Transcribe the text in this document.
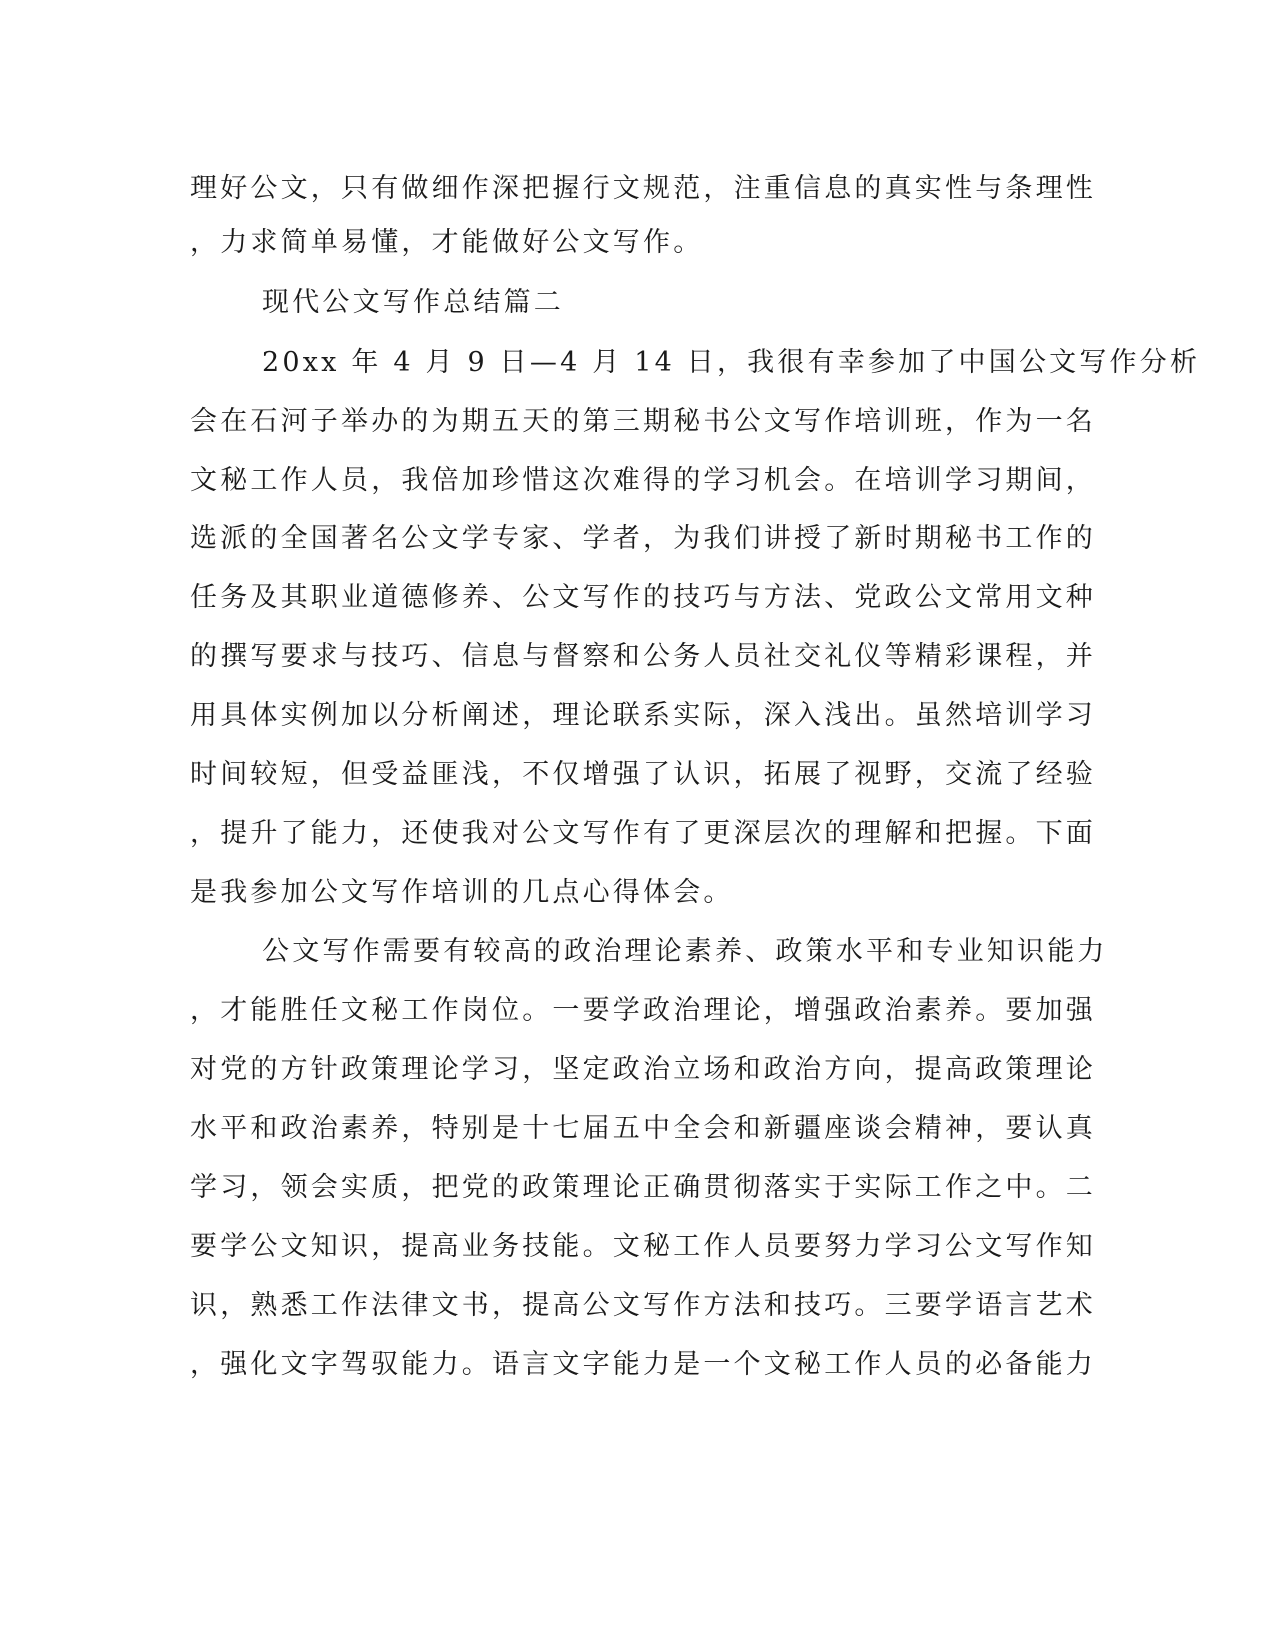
理好公文，只有做细作深把握行文规范，注重信息的真实性与条理性
，力求简单易懂，才能做好公文写作。
现代公文写作总结篇二
20xx 年 4 月 9 日—4 月 14 日，我很有幸参加了中国公文写作分析
会在石河子举办的为期五天的第三期秘书公文写作培训班，作为一名
文秘工作人员，我倍加珍惜这次难得的学习机会。在培训学习期间，
选派的全国著名公文学专家、学者，为我们讲授了新时期秘书工作的
任务及其职业道德修养、公文写作的技巧与方法、党政公文常用文种
的撰写要求与技巧、信息与督察和公务人员社交礼仪等精彩课程，并
用具体实例加以分析阐述，理论联系实际，深入浅出。虽然培训学习
时间较短，但受益匪浅，不仅增强了认识，拓展了视野，交流了经验
，提升了能力，还使我对公文写作有了更深层次的理解和把握。下面
是我参加公文写作培训的几点心得体会。
公文写作需要有较高的政治理论素养、政策水平和专业知识能力
，才能胜任文秘工作岗位。一要学政治理论，增强政治素养。要加强
对党的方针政策理论学习，坚定政治立场和政治方向，提高政策理论
水平和政治素养，特别是十七届五中全会和新疆座谈会精神，要认真
学习，领会实质，把党的政策理论正确贯彻落实于实际工作之中。二
要学公文知识，提高业务技能。文秘工作人员要努力学习公文写作知
识，熟悉工作法律文书，提高公文写作方法和技巧。三要学语言艺术
，强化文字驾驭能力。语言文字能力是一个文秘工作人员的必备能力
